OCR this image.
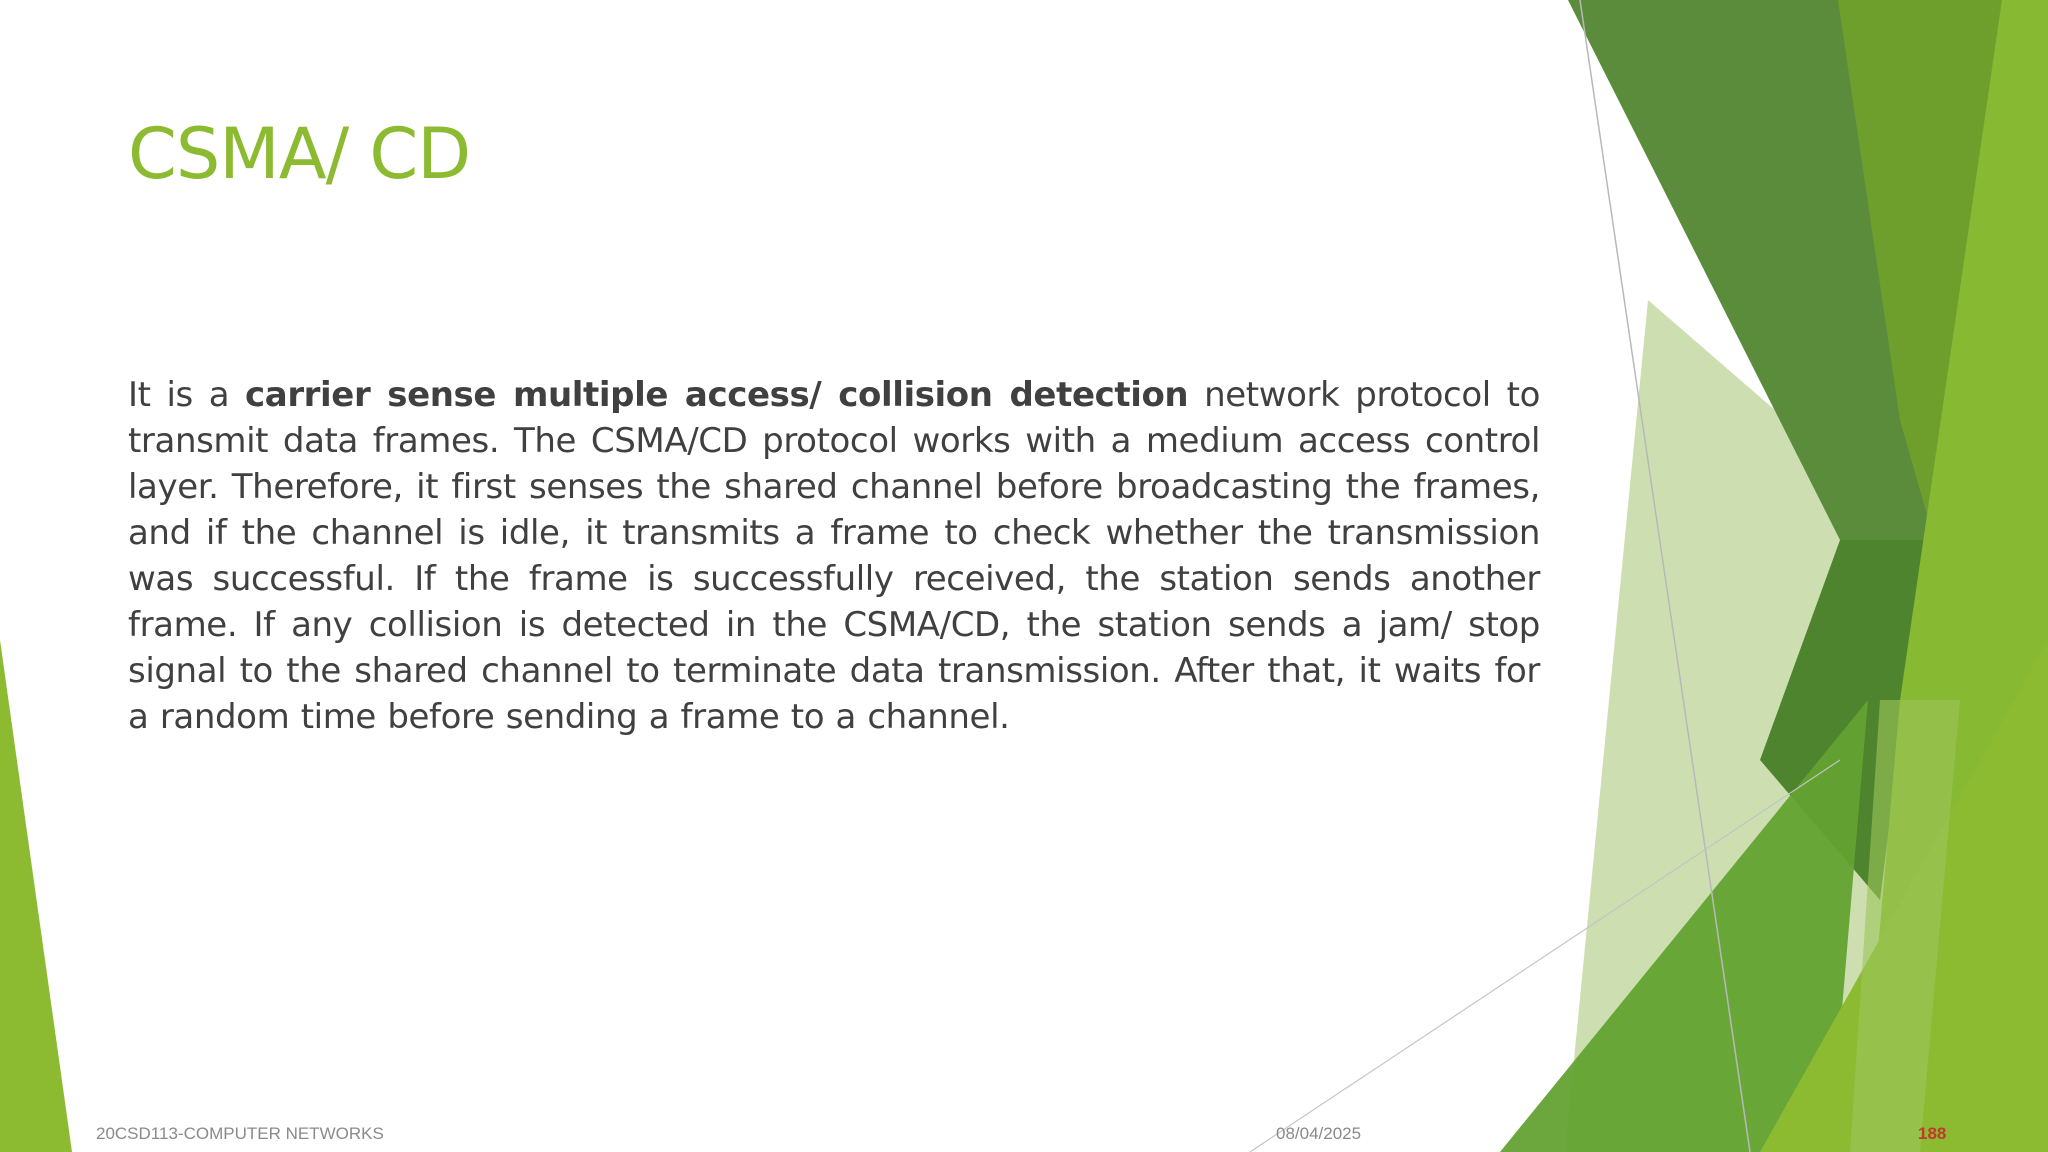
CSMA/ CD

It is a carrier sense multiple access/ collision detection network protocol to transmit data frames. The CSMA/CD protocol works with a medium access control layer. Therefore, it first senses the shared channel before broadcasting the frames, and if the channel is idle, it transmits a frame to check whether the transmission was successful. If the frame is successfully received, the station sends another frame. If any collision is detected in the CSMA/CD, the station sends a jam/ stop signal to the shared channel to terminate data transmission. After that, it waits for a random time before sending a frame to a channel.

20CSD113-COMPUTER NETWORKS	08/04/2025	188
